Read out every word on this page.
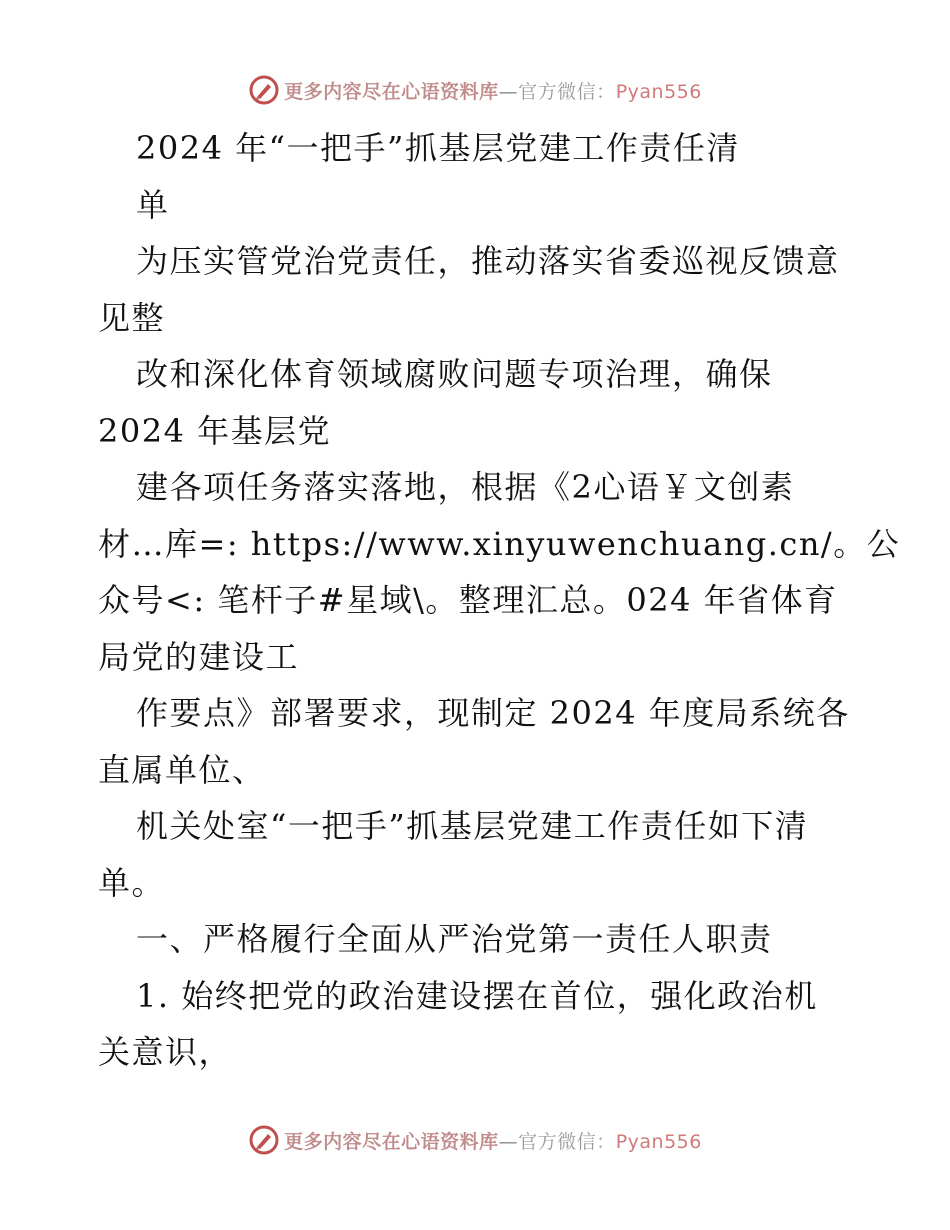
更多内容尽在心语资料库—官方微信：Pyan556
2024 年“一把手”抓基层党建工作责任清
单
为压实管党治党责任，推动落实省委巡视反馈意
见整
改和深化体育领域腐败问题专项治理，确保
2024 年基层党
建各项任务落实落地，根据《2心语￥文创素
材…库=: https://www.xinyuwenchuang.cn/。公
众号<: 笔杆子#星域\。整理汇总。024 年省体育
局党的建设工
作要点》部署要求，现制定 2024 年度局系统各
直属单位、
机关处室“一把手”抓基层党建工作责任如下清
单。
一、严格履行全面从严治党第一责任人职责
1. 始终把党的政治建设摆在首位，强化政治机
关意识，
更多内容尽在心语资料库—官方微信：Pyan556
